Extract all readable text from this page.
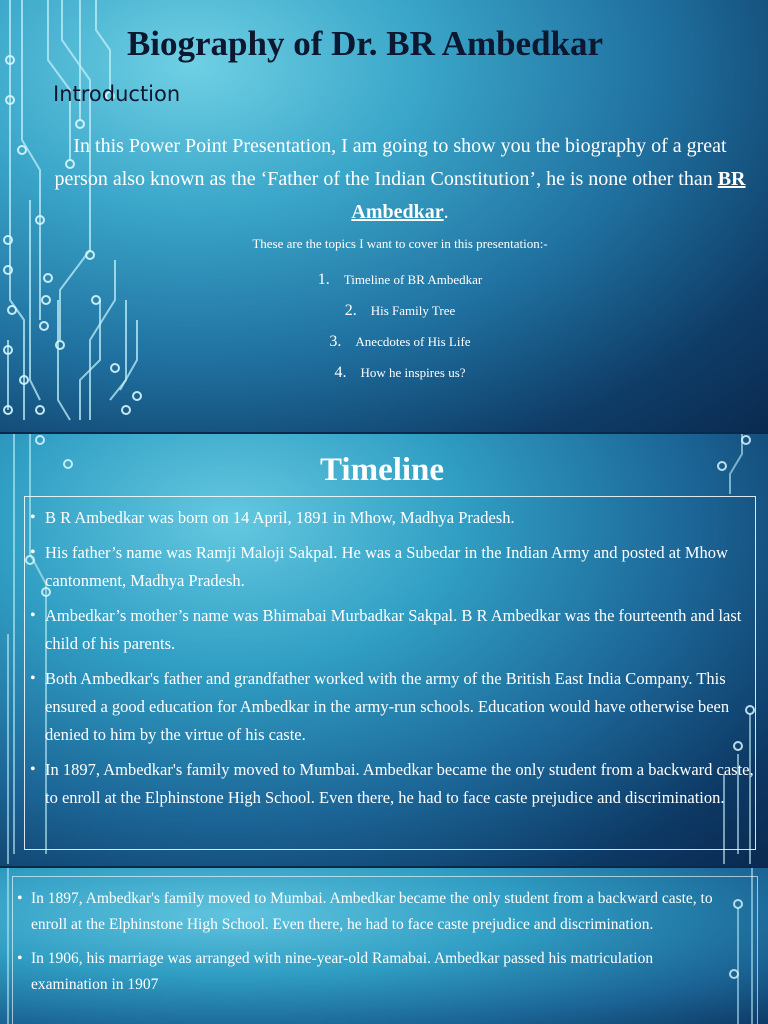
Biography of Dr. BR Ambedkar
Introduction
In this Power Point Presentation, I am going to show you the biography of a great person also known as the ‘Father of the Indian Constitution’, he is none other than BR Ambedkar.
These are the topics I want to cover in this presentation:-
1. Timeline of BR Ambedkar
2. His Family Tree
3. Anecdotes of His Life
4. How he inspires us?
Timeline
• B R Ambedkar was born on 14 April, 1891 in Mhow, Madhya Pradesh.
• His father’s name was Ramji Maloji Sakpal. He was a Subedar in the Indian Army and posted at Mhow cantonment, Madhya Pradesh.
• Ambedkar’s mother’s name was Bhimabai Murbadkar Sakpal. B R Ambedkar was the fourteenth and last child of his parents.
• Both Ambedkar's father and grandfather worked with the army of the British East India Company. This ensured a good education for Ambedkar in the army-run schools. Education would have otherwise been denied to him by the virtue of his caste.
• In 1897, Ambedkar's family moved to Mumbai. Ambedkar became the only student from a backward caste, to enroll at the Elphinstone High School. Even there, he had to face caste prejudice and discrimination.
• In 1897, Ambedkar's family moved to Mumbai. Ambedkar became the only student from a backward caste, to enroll at the Elphinstone High School. Even there, he had to face caste prejudice and discrimination.
• In 1906, his marriage was arranged with nine-year-old Ramabai. Ambedkar passed his matriculation examination in 1907
